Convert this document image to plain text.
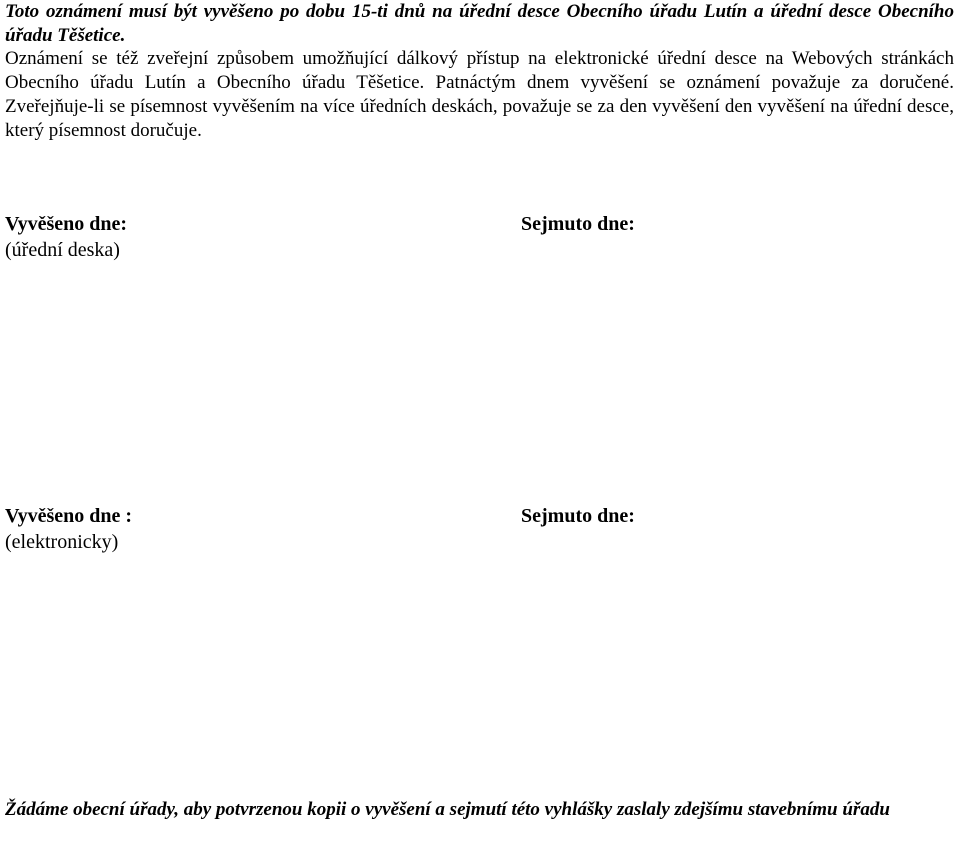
Toto oznámení musí být vyvěšeno po dobu 15-ti dnů na úřední desce Obecního úřadu Lutín a úřední desce Obecního úřadu Těšetice.
Oznámení se též zveřejní způsobem umožňující dálkový přístup na elektronické úřední desce na Webových stránkách Obecního úřadu Lutín a Obecního úřadu Těšetice. Patnáctým dnem vyvěšení se oznámení považuje za doručené. Zveřejňuje-li se písemnost vyvěšením na více úředních deskách, považuje se za den vyvěšení den vyvěšení na úřední desce, který písemnost doručuje.
Vyvěšeno dne:
(úřední deska)
Sejmuto dne:
Vyvěšeno dne :
(elektronicky)
Sejmuto dne:
Žádáme obecní úřady, aby potvrzenou kopii o vyvěšení a sejmutí této vyhlášky zaslaly zdejšímu stavebnímu úřadu
